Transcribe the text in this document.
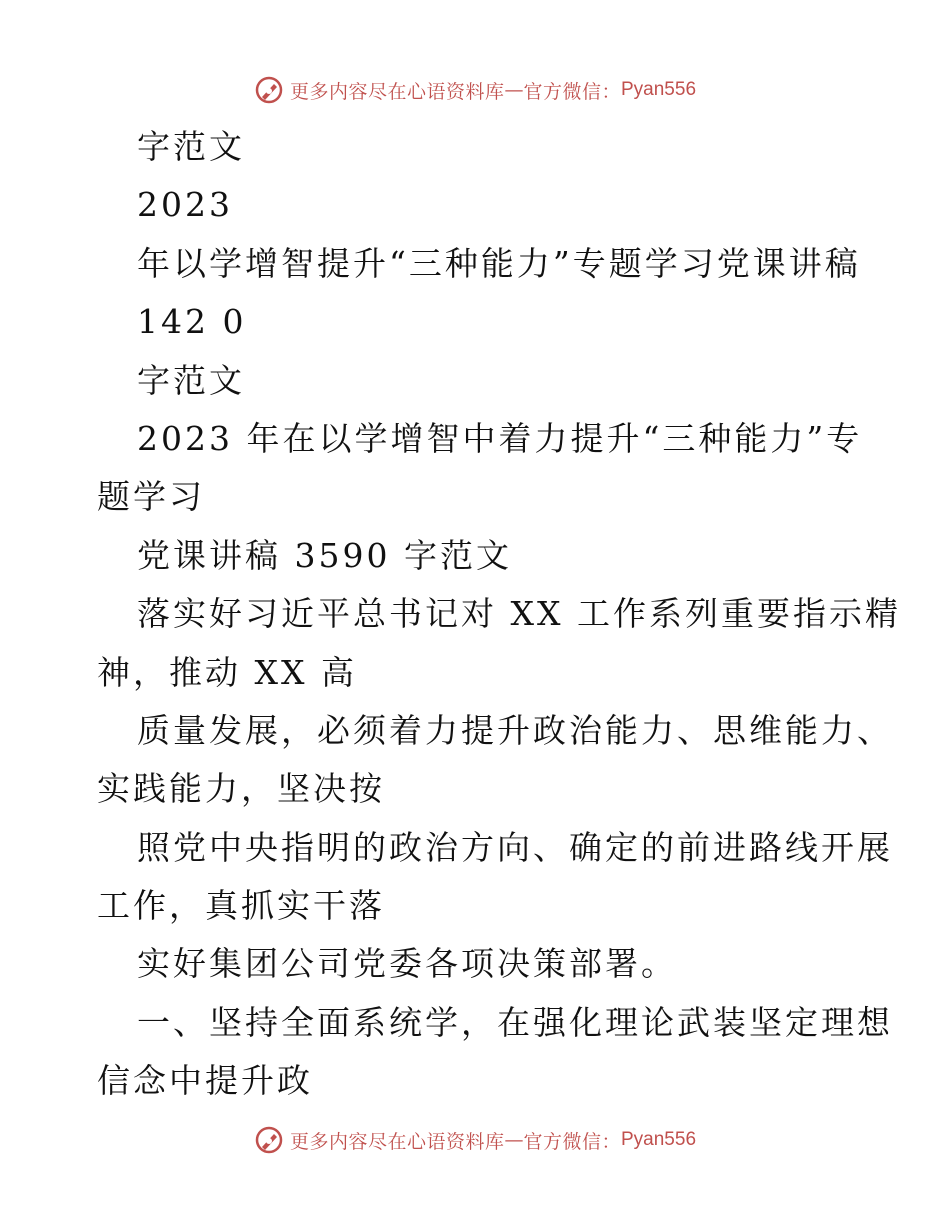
更多内容尽在心语资料库 — 官方微信： Pyan556
字范文
2023
年以学增智提升“三种能力”专题学习党课讲稿
142 0
字范文
2023 年在以学增智中着力提升“三种能力”专
题学习
党课讲稿 3590 字范文
落实好习近平总书记对 XX 工作系列重要指示精
神，推动 XX 高
质量发展，必须着力提升政治能力、思维能力、
实践能力，坚决按
照党中央指明的政治方向、确定的前进路线开展
工作，真抓实干落
实好集团公司党委各项决策部署。
一、坚持全面系统学，在强化理论武装坚定理想
信念中提升政
更多内容尽在心语资料库 — 官方微信： Pyan556
